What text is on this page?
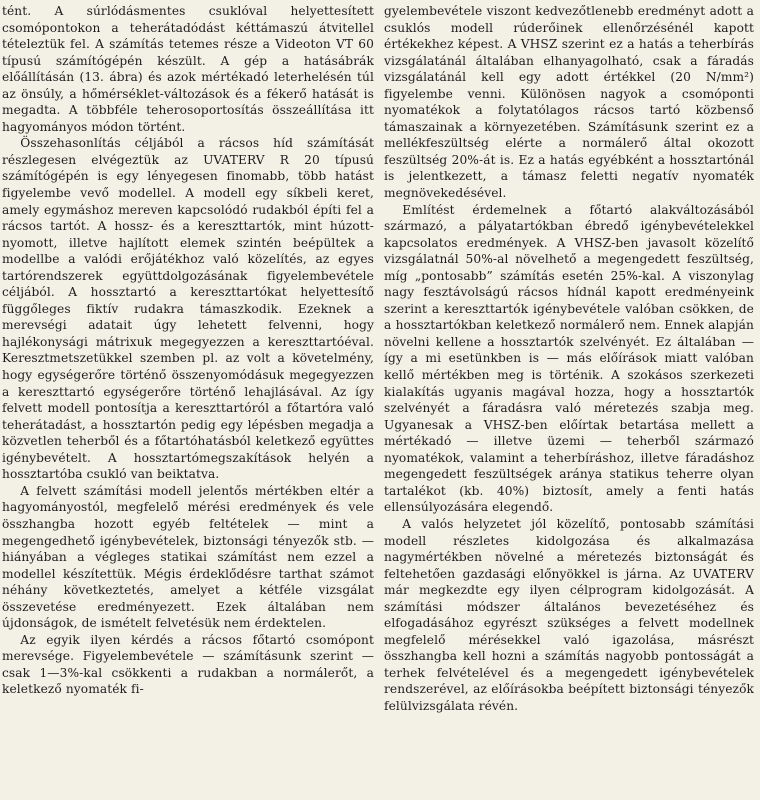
tént. A súrlódásmentes csuklóval helyettesített csomópontokon a teherátadódást kéttámaszú átvitellel tételeztük fel. A számítás tetemes része a Videoton VT 60 típusú számítógépén készült. A gép a hatásábrák előállításán (13. ábra) és azok mértékadó leterhelésén túl az önsúly, a hőmérséklet-változások és a fékerő hatását is megadta. A többféle teherosoportosítás összeállítása itt hagyományos módon történt.

Összehasonlítás céljából a rácsos híd számítását részlegesen elvégeztük az UVATERV R 20 típusú számítógépén is egy lényegesen finomabb, több hatást figyelembe vevő modellel. A modell egy síkbeli keret, amely egymáshoz mereven kapcsolódó rudakból építi fel a rácsos tartót. A hossz- és a kereszttartók, mint húzott-nyomott, illetve hajlított elemek szintén beépültek a modellbe a valódi erőjátékhoz való közelítés, az egyes tartórendszerek együttdolgozásának figyelembevétele céljából. A hossztartó a kereszttartókat helyettesítő függőleges fiktív rudakra támaszkodik. Ezeknek a merevségi adatait úgy lehetett felvenni, hogy hajlékonysági mátrixuk megegyezzen a kereszttartóéval. Keresztmetszetükkel szemben pl. az volt a követelmény, hogy egységerőre történő összenyomódásuk megegyezzen a kereszttartó egységerőre történő lehajlásával. Az így felvett modell pontosítja a kereszttartóról a főtartóra való teherátadást, a hossztartón pedig egy lépésben megadja a közvetlen teherből és a főtartóhatásból keletkező együttes igénybevételt. A hossztartómegszakítások helyén a hossztartóba csukló van beiktatva.

A felvett számítási modell jelentős mértékben eltér a hagyományostól, megfelelő mérési eredmények és vele összhangba hozott egyéb feltételek — mint a megengedhető igénybevételek, biztonsági tényezők stb. — hiányában a végleges statikai számítást nem ezzel a modellel készítettük. Mégis érdeklődésre tarthat számot néhány következtetés, amelyet a kétféle vizsgálat összevetése eredményezett. Ezek általában nem újdonságok, de ismételt felvetésük nem érdektelen.

Az egyik ilyen kérdés a rácsos főtartó csomópont merevsége. Figyelembevétele — számításunk szerint — csak 1—3%-kal csökkenti a rudakban a normálerőt, a keletkező nyomaték fi-

gyelembevétele viszont kedvezőtlenebb eredményt adott a csuklós modell rúderőinek ellenőrzésénél kapott értékekhez képest. A VHSZ szerint ez a hatás a teherbírás vizsgálatánál általában elhanyagolható, csak a fáradás vizsgálatánál kell egy adott értékkel (20 N/mm²) figyelembe venni. Különösen nagyok a csomóponti nyomatékok a folytatólagos rácsos tartó közbenső támaszainak a környezetében. Számításunk szerint ez a mellékfeszültség elérte a normálerő által okozott feszültség 20%-át is. Ez a hatás egyébként a hossztartónál is jelentkezett, a támasz feletti negatív nyomaték megnövekedésével.

Említést érdemelnek a főtartó alakváltozásából származó, a pályatartókban ébredő igénybevételekkel kapcsolatos eredmények. A VHSZ-ben javasolt közelítő vizsgálatnál 50%-al növelhető a megengedett feszültség, míg „pontosabb” számítás esetén 25%-kal. A viszonylag nagy fesztávolságú rácsos hídnál kapott eredményeink szerint a kereszttartók igénybevétele valóban csökken, de a hossztartókban keletkező normálerő nem. Ennek alapján növelni kellene a hossztartók szelvényét. Ez általában — így a mi esetünkben is — más előírások miatt valóban kellő mértékben meg is történik. A szokásos szerkezeti kialakítás ugyanis magával hozza, hogy a hossztartók szelvényét a fáradásra való méretezés szabja meg. Ugyanesak a VHSZ-ben előírtak betartása mellett a mértékadó — illetve üzemi — teherből származó nyomatékok, valamint a teherbíráshoz, illetve fáradáshoz megengedett feszültségek aránya statikus teherre olyan tartalékot (kb. 40%) biztosít, amely a fenti hatás ellensúlyozására elegendő.

A valós helyzetet jól közelítő, pontosabb számítási modell részletes kidolgozása és alkalmazása nagymértékben növelné a méretezés biztonságát és feltehetően gazdasági előnyökkel is járna. Az UVATERV már megkezdte egy ilyen célprogram kidolgozását. A számítási módszer általános bevezetéséhez és elfogadásához egyrészt szükséges a felvett modellnek megfelelő mérésekkel való igazolása, másrészt összhangba kell hozni a számítás nagyobb pontosságát a terhek felvételével és a megengedett igénybevételek rendszerével, az előírásokba beépített biztonsági tényezők felülvizsgálata révén.
